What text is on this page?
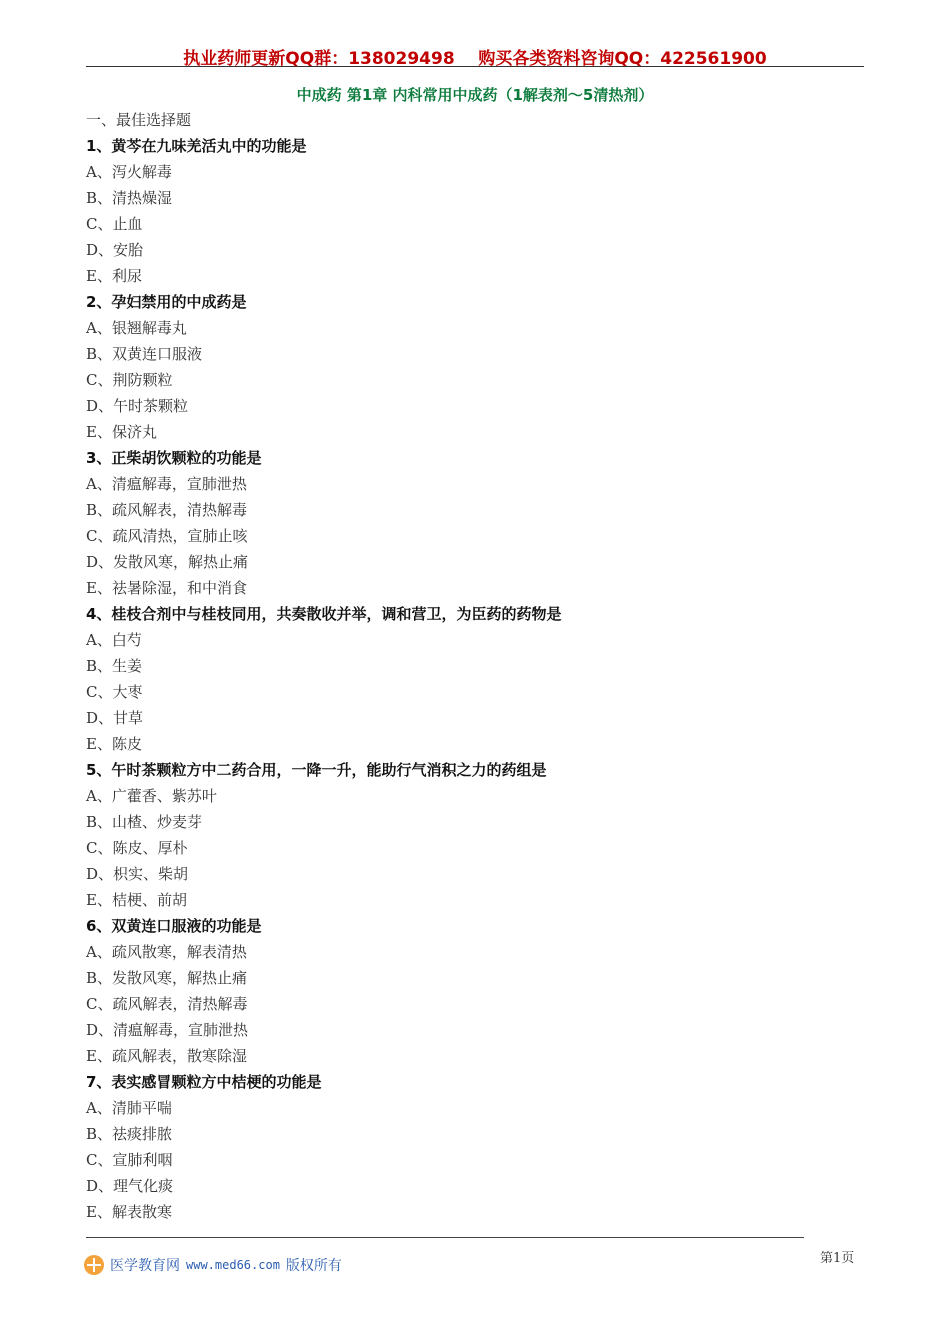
执业药师更新QQ群：138029498    购买各类资料咨询QQ：422561900
中成药 第1章 内科常用中成药（1解表剂～5清热剂）
一、最佳选择题
1、黄芩在九味羌活丸中的功能是
A、泻火解毒
B、清热燥湿
C、止血
D、安胎
E、利尿
2、孕妇禁用的中成药是
A、银翘解毒丸
B、双黄连口服液
C、荆防颗粒
D、午时茶颗粒
E、保济丸
3、正柴胡饮颗粒的功能是
A、清瘟解毒，宣肺泄热
B、疏风解表，清热解毒
C、疏风清热，宣肺止咳
D、发散风寒，解热止痛
E、祛暑除湿，和中消食
4、桂枝合剂中与桂枝同用，共奏散收并举，调和营卫，为臣药的药物是
A、白芍
B、生姜
C、大枣
D、甘草
E、陈皮
5、午时茶颗粒方中二药合用，一降一升，能助行气消积之力的药组是
A、广藿香、紫苏叶
B、山楂、炒麦芽
C、陈皮、厚朴
D、枳实、柴胡
E、桔梗、前胡
6、双黄连口服液的功能是
A、疏风散寒，解表清热
B、发散风寒，解热止痛
C、疏风解表，清热解毒
D、清瘟解毒，宣肺泄热
E、疏风解表，散寒除湿
7、表实感冒颗粒方中桔梗的功能是
A、清肺平喘
B、祛痰排脓
C、宣肺利咽
D、理气化痰
E、解表散寒
医学教育网 www.med66.com 版权所有	第1页
